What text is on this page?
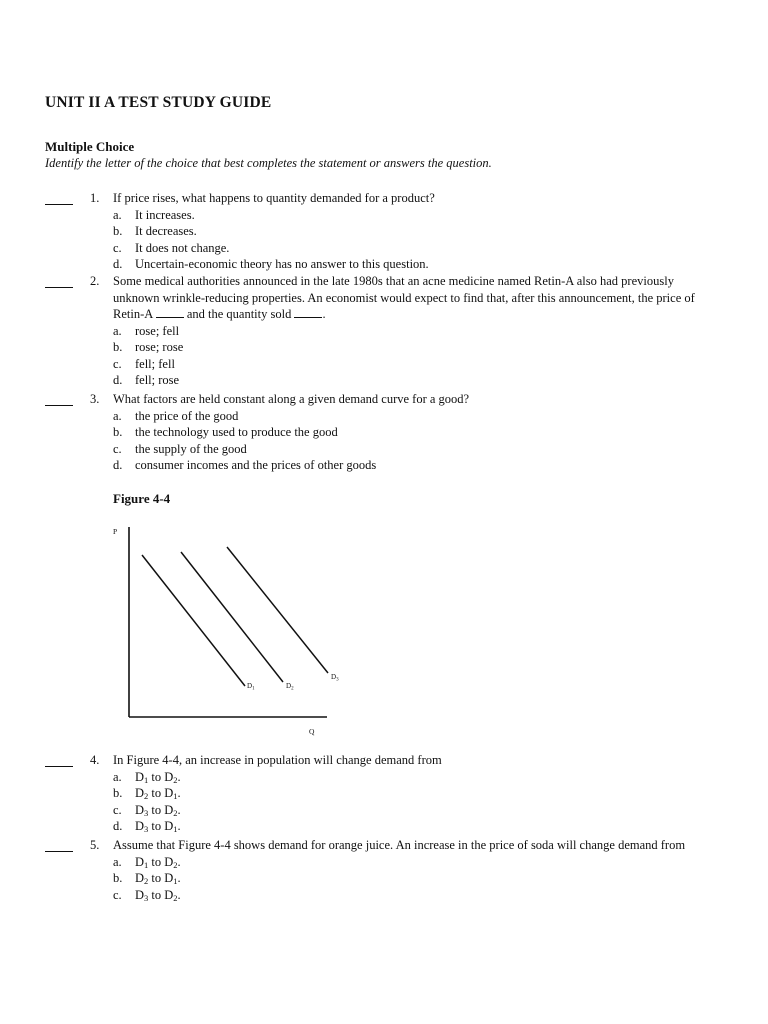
UNIT II A TEST STUDY GUIDE
Multiple Choice
Identify the letter of the choice that best completes the statement or answers the question.
1. If price rises, what happens to quantity demanded for a product?
a.	It increases.
b.	It decreases.
c.	It does not change.
d.	Uncertain-economic theory has no answer to this question.
2. Some medical authorities announced in the late 1980s that an acne medicine named Retin-A also had previously unknown wrinkle-reducing properties. An economist would expect to find that, after this announcement, the price of Retin-A	and the quantity sold .
a.	rose; fell
b.	rose; rose
c.	fell; fell
d.	fell; rose
3. What factors are held constant along a given demand curve for a good?
a.	the price of the good
b.	the technology used to produce the good
c.	the supply of the good
d.	consumer incomes and the prices of other goods
Figure 4-4
P
Q
$D_1$	$D_2$
$D_3$
4. In Figure 4-4, an increase in population will change demand from
a.	$D_1$ to $D_2$.
b.	$D_2$ to $D_1$.
c.	$D_3$ to $D_2$.
d.	$D_3$ to $D_1$.
5. Assume that Figure 4-4 shows demand for orange juice. An increase in the price of soda will change demand from
a.	$D_1$ to $D_2$.
b.	$D_2$ to $D_1$.
c.	$D_3$ to $D_2$.
